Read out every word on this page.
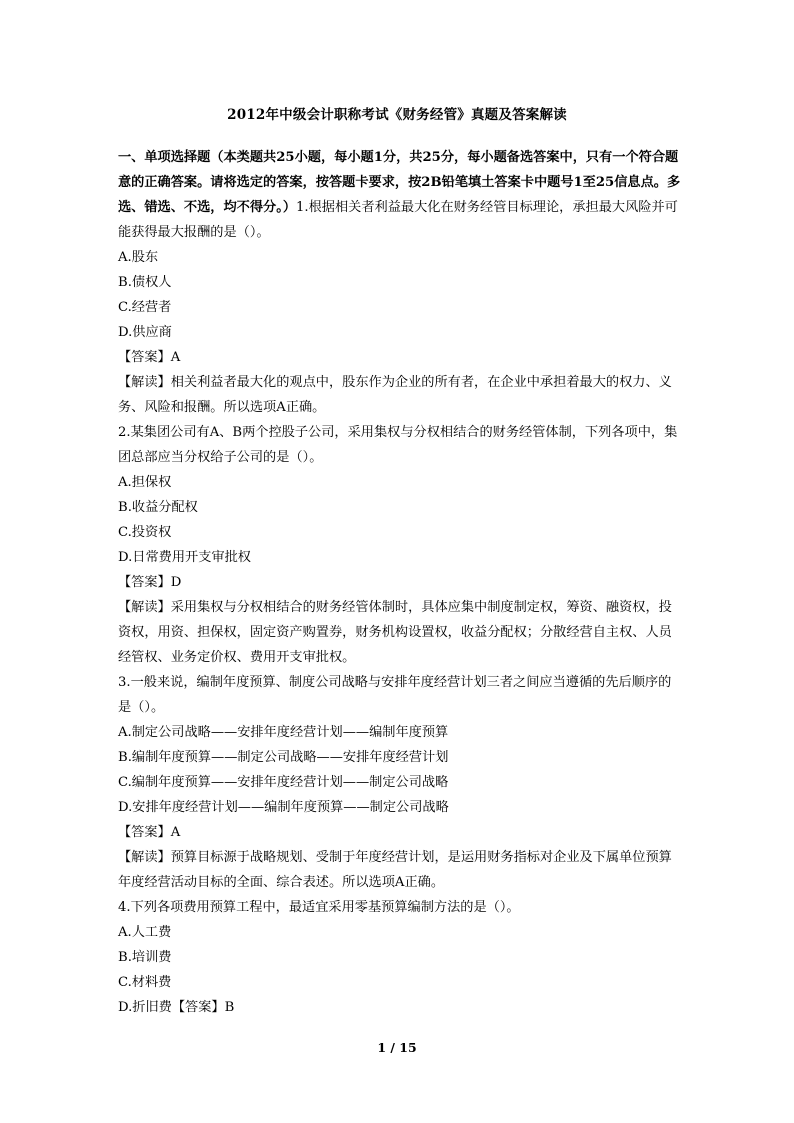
2012年中级会计职称考试《财务经管》真题及答案解读

一、单项选择题（本类题共25小题，每小题1分，共25分，每小题备选答案中，只有一个符合题意的正确答案。请将选定的答案，按答题卡要求，按2B铅笔填土答案卡中题号1至25信息点。多选、错选、不选，均不得分。）1.根据相关者利益最大化在财务经管目标理论，承担最大风险并可能获得最大报酬的是（）。

A.股东

B.债权人

C.经营者

D.供应商

【答案】A

【解读】相关利益者最大化的观点中，股东作为企业的所有者，在企业中承担着最大的权力、义务、风险和报酬。所以选项A正确。

2.某集团公司有A、B两个控股子公司，采用集权与分权相结合的财务经管体制，下列各项中，集团总部应当分权给子公司的是（）。

A.担保权

B.收益分配权

C.投资权

D.日常费用开支审批权

【答案】D

【解读】采用集权与分权相结合的财务经管体制时，具体应集中制度制定权，筹资、融资权，投资权，用资、担保权，固定资产购置券，财务机构设置权，收益分配权；分散经营自主权、人员经管权、业务定价权、费用开支审批权。

3.一般来说，编制年度预算、制度公司战略与安排年度经营计划三者之间应当遵循的先后顺序的是（）。

A.制定公司战略——安排年度经营计划——编制年度预算

B.编制年度预算——制定公司战略——安排年度经营计划

C.编制年度预算——安排年度经营计划——制定公司战略

D.安排年度经营计划——编制年度预算——制定公司战略

【答案】A

【解读】预算目标源于战略规划、受制于年度经营计划，是运用财务指标对企业及下属单位预算年度经营活动目标的全面、综合表述。所以选项A正确。

4.下列各项费用预算工程中，最适宜采用零基预算编制方法的是（）。

A.人工费

B.培训费

C.材料费

D.折旧费【答案】B

1 / 15
